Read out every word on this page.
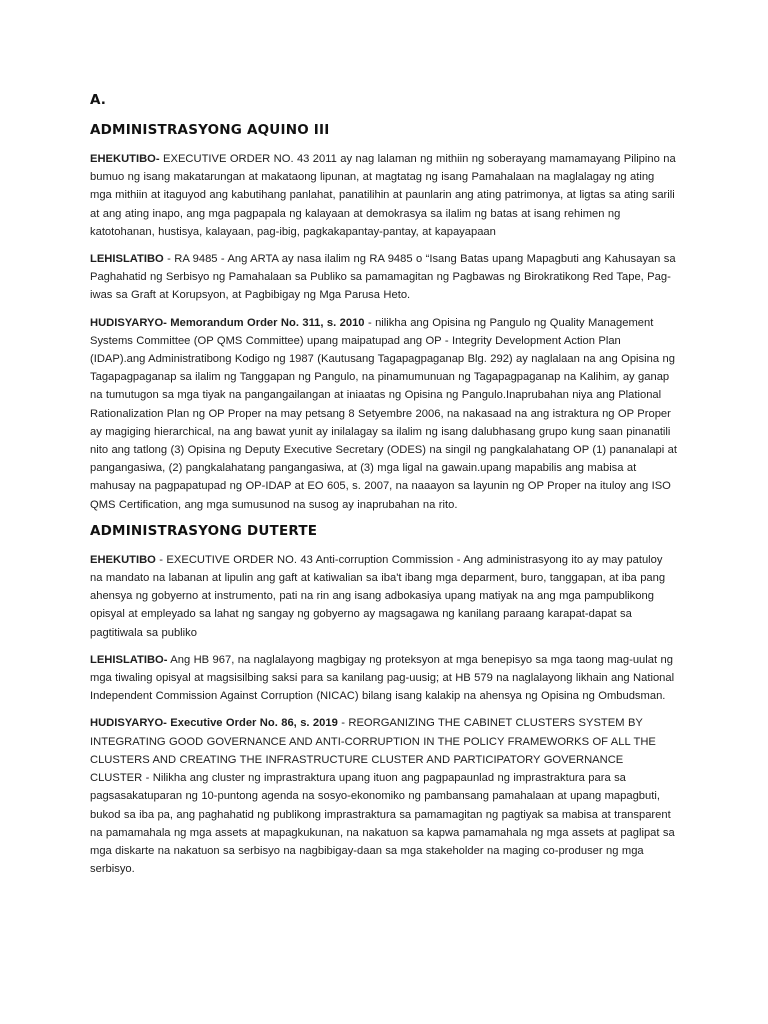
A.
ADMINISTRASYONG AQUINO III

EHEKUTIBO- EXECUTIVE ORDER NO. 43 2011 ay nag lalaman ng mithiin ng soberayang mamamayang Pilipino na bumuo ng isang makatarungan at makataong lipunan, at magtatag ng isang Pamahalaan na maglalagay ng ating mga mithiin at itaguyod ang kabutihang panlahat, panatilihin at paunlarin ang ating patrimonya, at ligtas sa ating sarili at ang ating inapo, ang mga pagpapala ng kalayaan at demokrasya sa ilalim ng batas at isang rehimen ng katotohanan, hustisya, kalayaan, pag-ibig, pagkakapantay-pantay, at kapayapaan

LEHISLATIBO - RA 9485 - Ang ARTA ay nasa ilalim ng RA 9485 o “Isang Batas upang Mapagbuti ang Kahusayan sa Paghahatid ng Serbisyo ng Pamahalaan sa Publiko sa pamamagitan ng Pagbawas ng Birokratikong Red Tape, Pag-iwas sa Graft at Korupsyon, at Pagbibigay ng Mga Parusa Heto.

HUDISYARYO- Memorandum Order No. 311, s. 2010 - nilikha ang Opisina ng Pangulo ng Quality Management Systems Committee (OP QMS Committee) upang maipatupad ang OP - Integrity Development Action Plan (IDAP).ang Administratibong Kodigo ng 1987 (Kautusang Tagapagpaganap Blg. 292) ay naglalaan na ang Opisina ng Tagapagpaganap sa ilalim ng Tanggapan ng Pangulo, na pinamumunuan ng Tagapagpaganap na Kalihim, ay ganap na tumutugon sa mga tiyak na pangangailangan at iniaatas ng Opisina ng Pangulo.Inaprubahan niya ang Plational Rationalization Plan ng OP Proper na may petsang 8 Setyembre 2006, na nakasaad na ang istraktura ng OP Proper ay magiging hierarchical, na ang bawat yunit ay inilalagay sa ilalim ng isang dalubhasang grupo kung saan pinanatili nito ang tatlong (3) Opisina ng Deputy Executive Secretary (ODES) na singil ng pangkalahatang OP (1) pananalapi at pangangasiwa, (2) pangkalahatang pangangasiwa, at (3) mga ligal na gawain.upang mapabilis ang mabisa at mahusay na pagpapatupad ng OP-IDAP at EO 605, s. 2007, na naaayon sa layunin ng OP Proper na ituloy ang ISO QMS Certification, ang mga sumusunod na susog ay inaprubahan na rito.

ADMINISTRASYONG DUTERTE

EHEKUTIBO - EXECUTIVE ORDER NO. 43 Anti-corruption Commission - Ang administrasyong ito ay may patuloy na mandato na labanan at lipulin ang gaft at katiwalian sa iba't ibang mga deparment, buro, tanggapan, at iba pang ahensya ng gobyerno at instrumento, pati na rin ang isang adbokasiya upang matiyak na ang mga pampublikong opisyal at empleyado sa lahat ng sangay ng gobyerno ay magsagawa ng kanilang paraang karapat-dapat sa pagtitiwala sa publiko

LEHISLATIBO- Ang HB 967, na naglalayong magbigay ng proteksyon at mga benepisyo sa mga taong mag-uulat ng mga tiwaling opisyal at magsisilbing saksi para sa kanilang pag-uusig; at HB 579 na naglalayong likhain ang National Independent Commission Against Corruption (NICAC) bilang isang kalakip na ahensya ng Opisina ng Ombudsman.

HUDISYARYO- Executive Order No. 86, s. 2019 - REORGANIZING THE CABINET CLUSTERS SYSTEM BY INTEGRATING GOOD GOVERNANCE AND ANTI-CORRUPTION IN THE POLICY FRAMEWORKS OF ALL THE CLUSTERS AND CREATING THE INFRASTRUCTURE CLUSTER AND PARTICIPATORY GOVERNANCE CLUSTER - Nilikha ang cluster ng imprastraktura upang ituon ang pagpapaunlad ng imprastraktura para sa pagsasakatuparan ng 10-puntong agenda na sosyo-ekonomiko ng pambansang pamahalaan at upang mapagbuti, bukod sa iba pa, ang paghahatid ng publikong imprastraktura sa pamamagitan ng pagtiyak sa mabisa at transparent na pamamahala ng mga assets at mapagkukunan, na nakatuon sa kapwa pamamahala ng mga assets at paglipat sa mga diskarte na nakatuon sa serbisyo na nagbibigay-daan sa mga stakeholder na maging co-produser ng mga serbisyo.
